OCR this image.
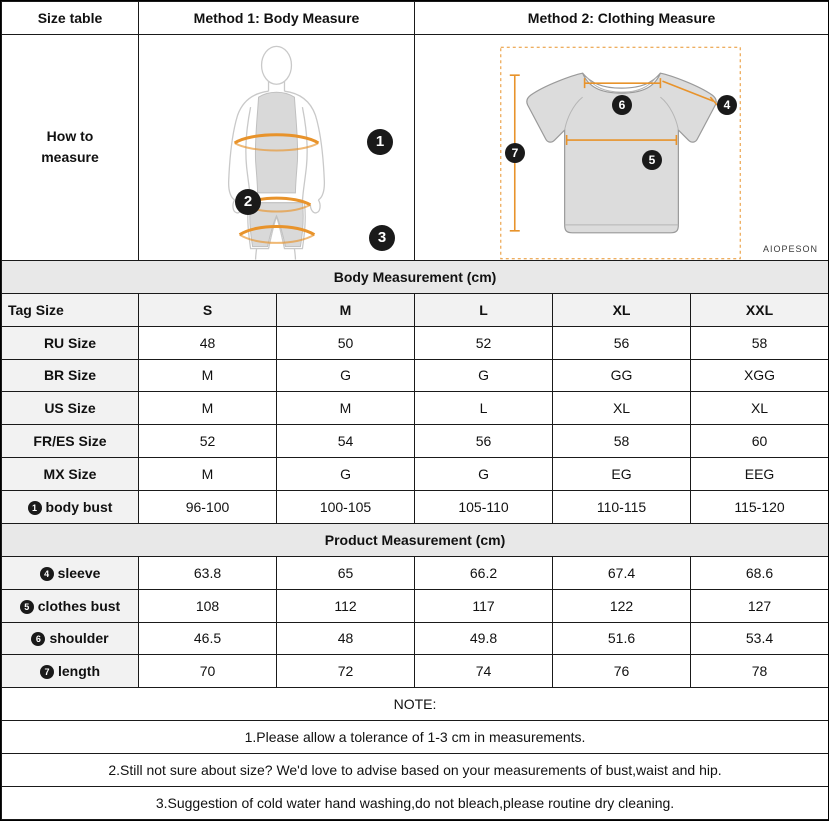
Size table	Method 1: Body Measure		Method 2: Clothing Measure		

How to
measure

1
2
3

6	4
7	5
AIOPESON

Body Measurement (cm)					
Tag Size	S	M	L	XL	XXL
RU Size	48	50	52	56	58
BR Size	M	G	G	GG	XGG
US Size	M	M	L	XL	XL
FR/ES Size	52	54	56	58	60
MX Size	M	G	G	EG	EEG
1 body bust	96-100	100-105	105-110	110-115	115-120
Product Measurement (cm)					
4 sleeve	63.8	65	66.2	67.4	68.6
5 clothes bust	108	112	117	122	127
6 shoulder	46.5	48	49.8	51.6	53.4
7 length	70	72	74	76	78
NOTE:					
1.Please allow a tolerance of 1-3 cm in measurements.					
2.Still not sure about size? We'd love to advise based on your measurements of bust,waist and hip.					
3.Suggestion of cold water hand washing,do not bleach,please routine dry cleaning.					
